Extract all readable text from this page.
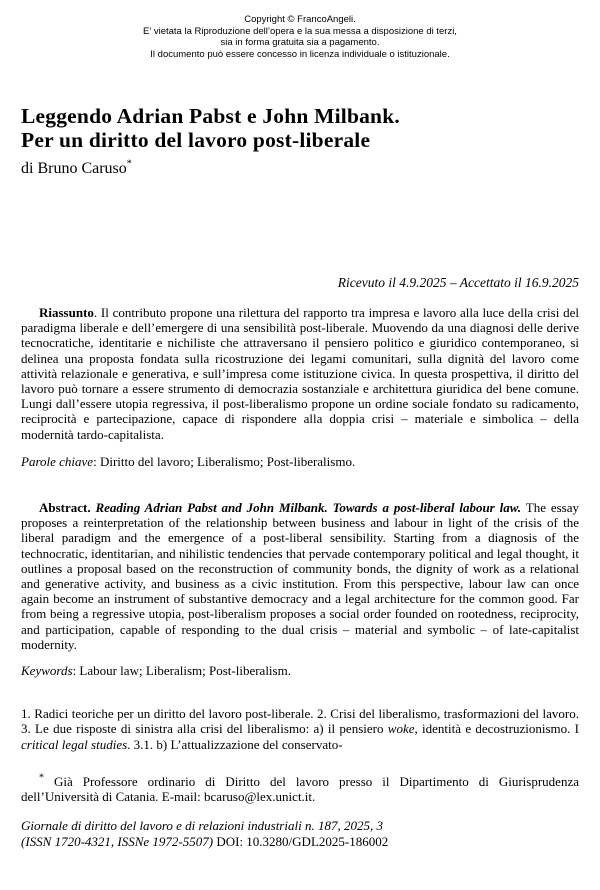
Copyright © FrancoAngeli.
E' vietata la Riproduzione dell’opera e la sua messa a disposizione di terzi,
sia in forma gratuita sia a pagamento.
Il documento può essere concesso in licenza individuale o istituzionale.
Leggendo Adrian Pabst e John Milbank.
Per un diritto del lavoro post-liberale
di Bruno Caruso*
Ricevuto il 4.9.2025 – Accettato il 16.9.2025

Riassunto. Il contributo propone una rilettura del rapporto tra impresa e lavoro alla luce della crisi del paradigma liberale e dell’emergere di una sensibilità post-liberale. Muovendo da una diagnosi delle derive tecnocratiche, identitarie e nichiliste che attraversano il pensiero politico e giuridico contemporaneo, si delinea una proposta fondata sulla ricostruzione dei legami comunitari, sulla dignità del lavoro come attività relazionale e generativa, e sull’impresa come istituzione civica. In questa prospettiva, il diritto del lavoro può tornare a essere strumento di democrazia sostanziale e architettura giuridica del bene comune. Lungi dall’essere utopia regressiva, il post-liberalismo propone un ordine sociale fondato su radicamento, reciprocità e partecipazione, capace di rispondere alla doppia crisi – materiale e simbolica – della modernità tardo-capitalista.

Parole chiave: Diritto del lavoro; Liberalismo; Post-liberalismo.

Abstract. Reading Adrian Pabst and John Milbank. Towards a post-liberal labour law. The essay proposes a reinterpretation of the relationship between business and labour in light of the crisis of the liberal paradigm and the emergence of a post-liberal sensibility. Starting from a diagnosis of the technocratic, identitarian, and nihilistic tendencies that pervade contemporary political and legal thought, it outlines a proposal based on the reconstruction of community bonds, the dignity of work as a relational and generative activity, and business as a civic institution. From this perspective, labour law can once again become an instrument of substantive democracy and a legal architecture for the common good. Far from being a regressive utopia, post-liberalism proposes a social order founded on rootedness, reciprocity, and participation, capable of responding to the dual crisis – material and symbolic – of late-capitalist modernity.

Keywords: Labour law; Liberalism; Post-liberalism.

1. Radici teoriche per un diritto del lavoro post-liberale. 2. Crisi del liberalismo, trasformazioni del lavoro. 3. Le due risposte di sinistra alla crisi del liberalismo: a) il pensiero woke, identità e decostruzionismo. I critical legal studies. 3.1. b) L’attualizzazione del conservato-

* Già Professore ordinario di Diritto del lavoro presso il Dipartimento di Giurisprudenza dell’Università di Catania. E-mail: bcaruso@lex.unict.it.

Giornale di diritto del lavoro e di relazioni industriali n. 187, 2025, 3
(ISSN 1720-4321, ISSNe 1972-5507) DOI: 10.3280/GDL2025-186002
